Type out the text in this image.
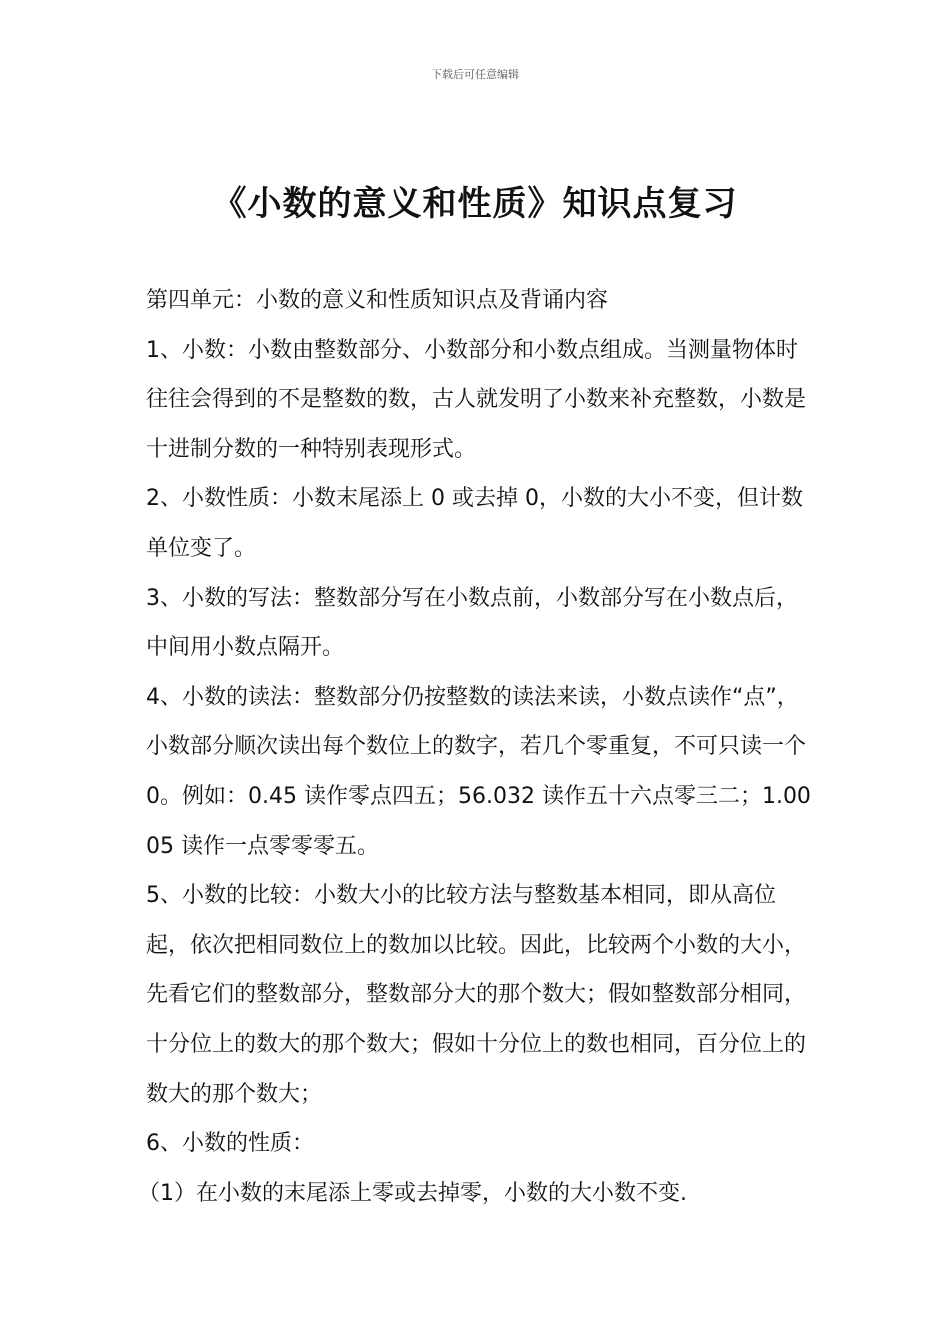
下载后可任意编辑
《小数的意义和性质》知识点复习

第四单元：小数的意义和性质知识点及背诵内容

1、小数：小数由整数部分、小数部分和小数点组成。当测量物体时往往会得到的不是整数的数，古人就发明了小数来补充整数，小数是十进制分数的一种特别表现形式。

2、小数性质：小数末尾添上 0 或去掉 0，小数的大小不变，但计数单位变了。

3、小数的写法：整数部分写在小数点前，小数部分写在小数点后，中间用小数点隔开。

4、小数的读法：整数部分仍按整数的读法来读，小数点读作“点”，小数部分顺次读出每个数位上的数字，若几个零重复，不可只读一个 0。例如：0.45 读作零点四五；56.032 读作五十六点零三二；1.0005 读作一点零零零五。

5、小数的比较：小数大小的比较方法与整数基本相同，即从高位起，依次把相同数位上的数加以比较。因此，比较两个小数的大小，先看它们的整数部分，整数部分大的那个数大；假如整数部分相同，十分位上的数大的那个数大；假如十分位上的数也相同，百分位上的数大的那个数大；

6、小数的性质：

（1）在小数的末尾添上零或去掉零，小数的大小数不变.
